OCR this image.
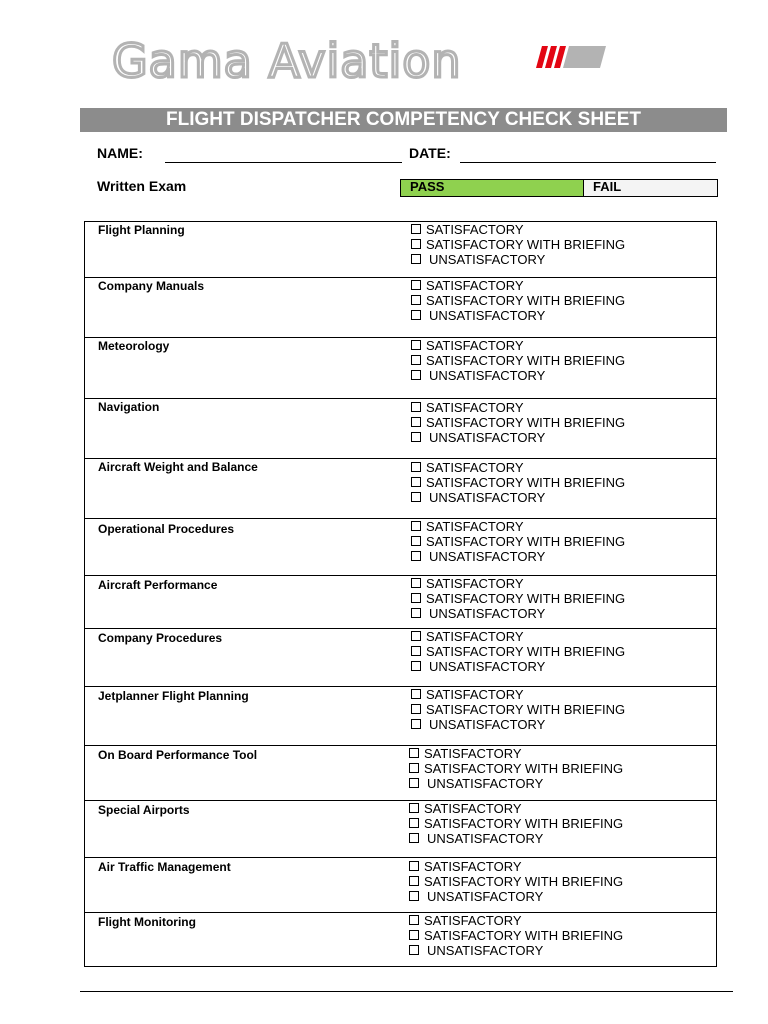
Gama Aviation
FLIGHT DISPATCHER COMPETENCY CHECK SHEET
NAME:	DATE:
Written Exam	PASS	FAIL
Flight Planning	SATISFACTORY
SATISFACTORY WITH BRIEFING
UNSATISFACTORY
Company Manuals	SATISFACTORY
SATISFACTORY WITH BRIEFING
UNSATISFACTORY
Meteorology	SATISFACTORY
SATISFACTORY WITH BRIEFING
UNSATISFACTORY
Navigation	SATISFACTORY
SATISFACTORY WITH BRIEFING
UNSATISFACTORY
Aircraft Weight and Balance	SATISFACTORY
SATISFACTORY WITH BRIEFING
UNSATISFACTORY
Operational Procedures	SATISFACTORY
SATISFACTORY WITH BRIEFING
UNSATISFACTORY
Aircraft Performance	SATISFACTORY
SATISFACTORY WITH BRIEFING
UNSATISFACTORY
Company Procedures	SATISFACTORY
SATISFACTORY WITH BRIEFING
UNSATISFACTORY
Jetplanner Flight Planning	SATISFACTORY
SATISFACTORY WITH BRIEFING
UNSATISFACTORY
On Board Performance Tool	SATISFACTORY
SATISFACTORY WITH BRIEFING
UNSATISFACTORY
Special Airports	SATISFACTORY
SATISFACTORY WITH BRIEFING
UNSATISFACTORY
Air Traffic Management	SATISFACTORY
SATISFACTORY WITH BRIEFING
UNSATISFACTORY
Flight Monitoring	SATISFACTORY
SATISFACTORY WITH BRIEFING
UNSATISFACTORY
